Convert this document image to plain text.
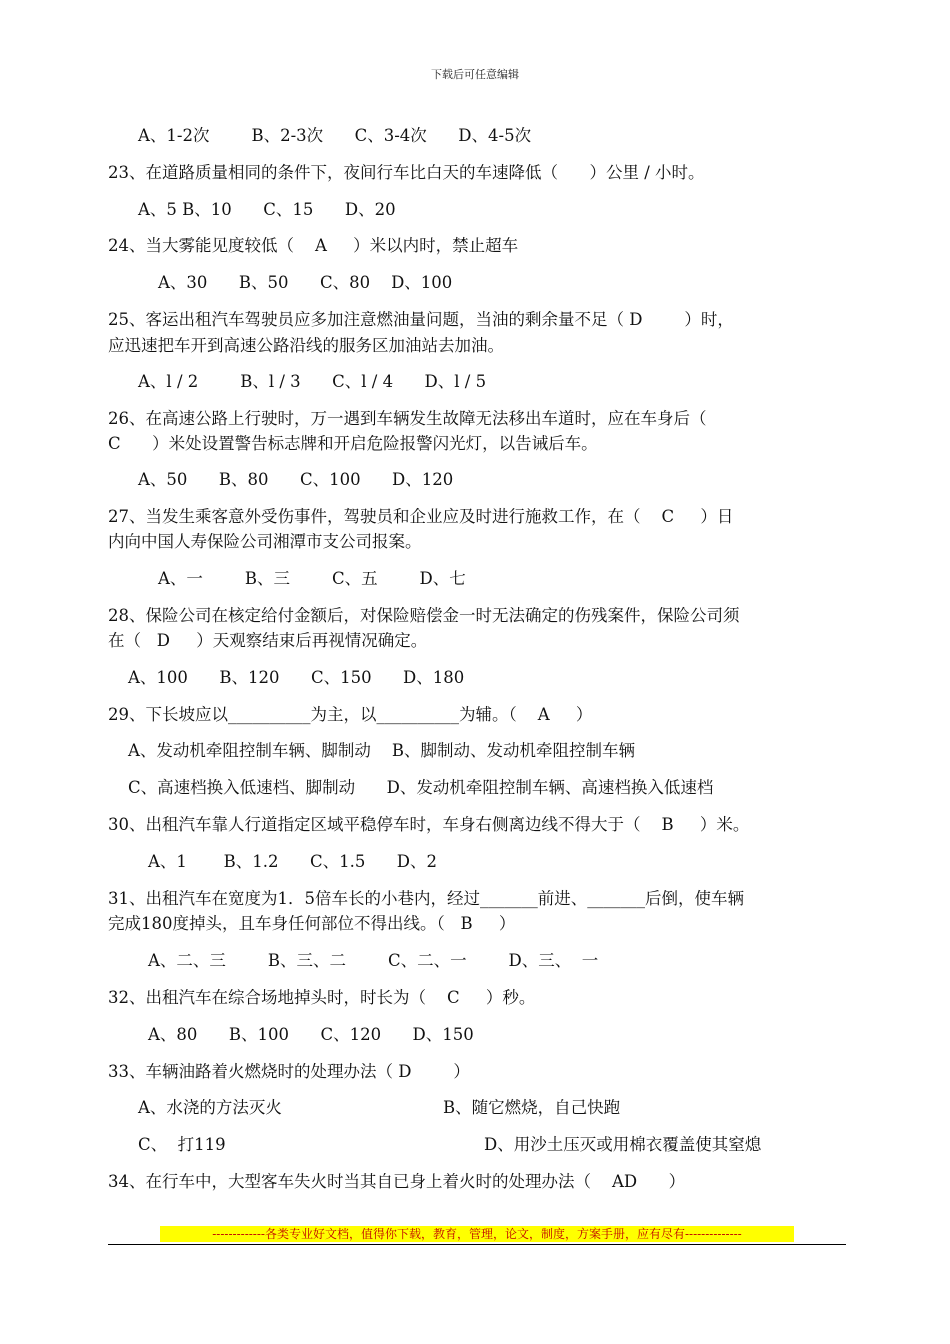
下载后可任意编辑
A、1-2次        B、2-3次      C、3-4次      D、4-5次
23、在道路质量相同的条件下，夜间行车比白天的车速降低（      ）公里 / 小时。
A、5 B、10      C、15      D、20
24、当大雾能见度较低（    A     ）米以内时，禁止超车
A、30      B、50      C、80    D、100
25、客运出租汽车驾驶员应多加注意燃油量问题，当油的剩余量不足（ D        ）时，
应迅速把车开到高速公路沿线的服务区加油站去加油。
A、l / 2        B、l / 3      C、l / 4      D、l / 5
26、在高速公路上行驶时，万一遇到车辆发生故障无法移出车道时，应在车身后（
C      ）米处设置警告标志牌和开启危险报警闪光灯，以告诫后车。
A、50      B、80      C、100      D、120
27、当发生乘客意外受伤事件，驾驶员和企业应及时进行施救工作，在（    C     ）日
内向中国人寿保险公司湘潭市支公司报案。
A、一        B、三        C、五        D、七
28、保险公司在核定给付金额后，对保险赔偿金一时无法确定的伤残案件，保险公司须
在（   D     ）天观察结束后再视情况确定。
A、100      B、120      C、150      D、180
29、下长坡应以__________为主，以__________为辅。（    A     ）
A、发动机牵阻控制车辆、脚制动    B、脚制动、发动机牵阻控制车辆
C、高速档换入低速档、脚制动      D、发动机牵阻控制车辆、高速档换入低速档
30、出租汽车靠人行道指定区域平稳停车时，车身右侧离边线不得大于（    B     ）米。
A、1       B、1.2      C、1.5      D、2
31、出租汽车在宽度为1．5倍车长的小巷内，经过_______前进、_______后倒，使车辆
完成180度掉头，且车身任何部位不得出线。（   B     ）
A、二、三        B、三、二        C、二、一        D、三、  一
32、出租汽车在综合场地掉头时，时长为（    C     ）秒。
A、80      B、100      C、120      D、150
33、车辆油路着火燃烧时的处理办法（ D        ）
A、水浇的方法灭火	B、随它燃烧，自己快跑
C、  打119	D、用沙土压灭或用棉衣覆盖使其窒熄
34、在行车中，大型客车失火时当其自已身上着火时的处理办法（    AD      ）
-------------各类专业好文档，值得你下载，教育，管理，论文，制度，方案手册，应有尽有--------------
